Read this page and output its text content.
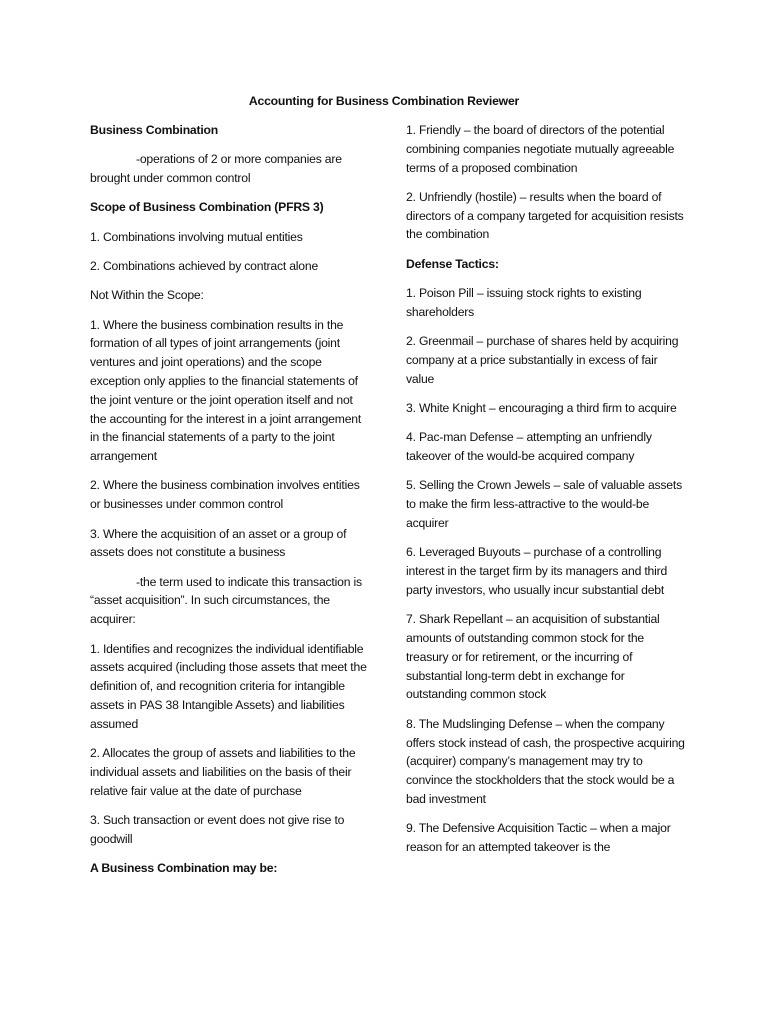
Accounting for Business Combination Reviewer

Business Combination

-operations of 2 or more companies are brought under common control

Scope of Business Combination (PFRS 3)

1. Combinations involving mutual entities

2. Combinations achieved by contract alone

Not Within the Scope:

1. Where the business combination results in the formation of all types of joint arrangements (joint ventures and joint operations) and the scope exception only applies to the financial statements of the joint venture or the joint operation itself and not the accounting for the interest in a joint arrangement in the financial statements of a party to the joint arrangement

2. Where the business combination involves entities or businesses under common control

3. Where the acquisition of an asset or a group of assets does not constitute a business

-the term used to indicate this transaction is “asset acquisition”. In such circumstances, the acquirer:

1. Identifies and recognizes the individual identifiable assets acquired (including those assets that meet the definition of, and recognition criteria for intangible assets in PAS 38 Intangible Assets) and liabilities assumed

2. Allocates the group of assets and liabilities to the individual assets and liabilities on the basis of their relative fair value at the date of purchase

3. Such transaction or event does not give rise to goodwill

A Business Combination may be:

1. Friendly – the board of directors of the potential combining companies negotiate mutually agreeable terms of a proposed combination

2. Unfriendly (hostile) – results when the board of directors of a company targeted for acquisition resists the combination

Defense Tactics:

1. Poison Pill – issuing stock rights to existing shareholders

2. Greenmail – purchase of shares held by acquiring company at a price substantially in excess of fair value

3. White Knight – encouraging a third firm to acquire

4. Pac-man Defense – attempting an unfriendly takeover of the would-be acquired company

5. Selling the Crown Jewels – sale of valuable assets to make the firm less-attractive to the would-be acquirer

6. Leveraged Buyouts – purchase of a controlling interest in the target firm by its managers and third party investors, who usually incur substantial debt

7. Shark Repellant – an acquisition of substantial amounts of outstanding common stock for the treasury or for retirement, or the incurring of substantial long-term debt in exchange for outstanding common stock

8. The Mudslinging Defense – when the company offers stock instead of cash, the prospective acquiring (acquirer) company’s management may try to convince the stockholders that the stock would be a bad investment

9. The Defensive Acquisition Tactic – when a major reason for an attempted takeover is the
